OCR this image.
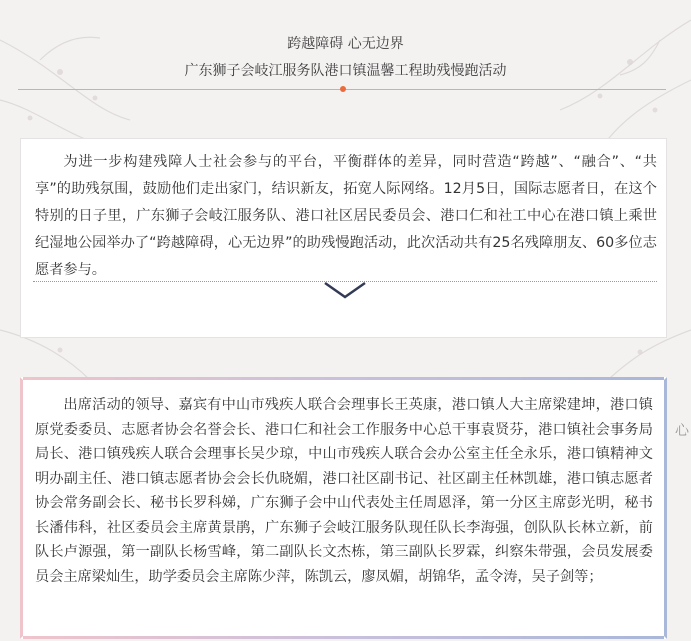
跨越障碍 心无边界
广东狮子会岐江服务队港口镇温馨工程助残慢跑活动

为进一步构建残障人士社会参与的平台，平衡群体的差异，同时营造“跨越”、“融合”、“共享”的助残氛围，鼓励他们走出家门，结识新友，拓宽人际网络。12月5日，国际志愿者日，在这个特别的日子里，广东狮子会岐江服务队、港口社区居民委员会、港口仁和社工中心在港口镇上乘世纪湿地公园举办了“跨越障碍，心无边界”的助残慢跑活动，此次活动共有25名残障朋友、60多位志愿者参与。

出席活动的领导、嘉宾有中山市残疾人联合会理事长王英康，港口镇人大主席梁建坤，港口镇原党委委员、志愿者协会名誉会长、港口仁和社会工作服务中心总干事袁贤芬，港口镇社会事务局局长、港口镇残疾人联合会理事长吴少琼，中山市残疾人联合会办公室主任全永乐，港口镇精神文明办副主任、港口镇志愿者协会会长仇晓媚，港口社区副书记、社区副主任林凯雄，港口镇志愿者协会常务副会长、秘书长罗科娣，广东狮子会中山代表处主任周恩泽，第一分区主席彭光明，秘书长潘伟科，社区委员会主席黄景鹃，广东狮子会岐江服务队现任队长李海强，创队队长林立新，前队长卢源强，第一副队长杨雪峰，第二副队长文杰栋，第三副队长罗霖，纠察朱带强，会员发展委员会主席梁灿生，助学委员会主席陈少萍，陈凯云，廖凤媚，胡锦华，孟令涛，吴子剑等；

心
